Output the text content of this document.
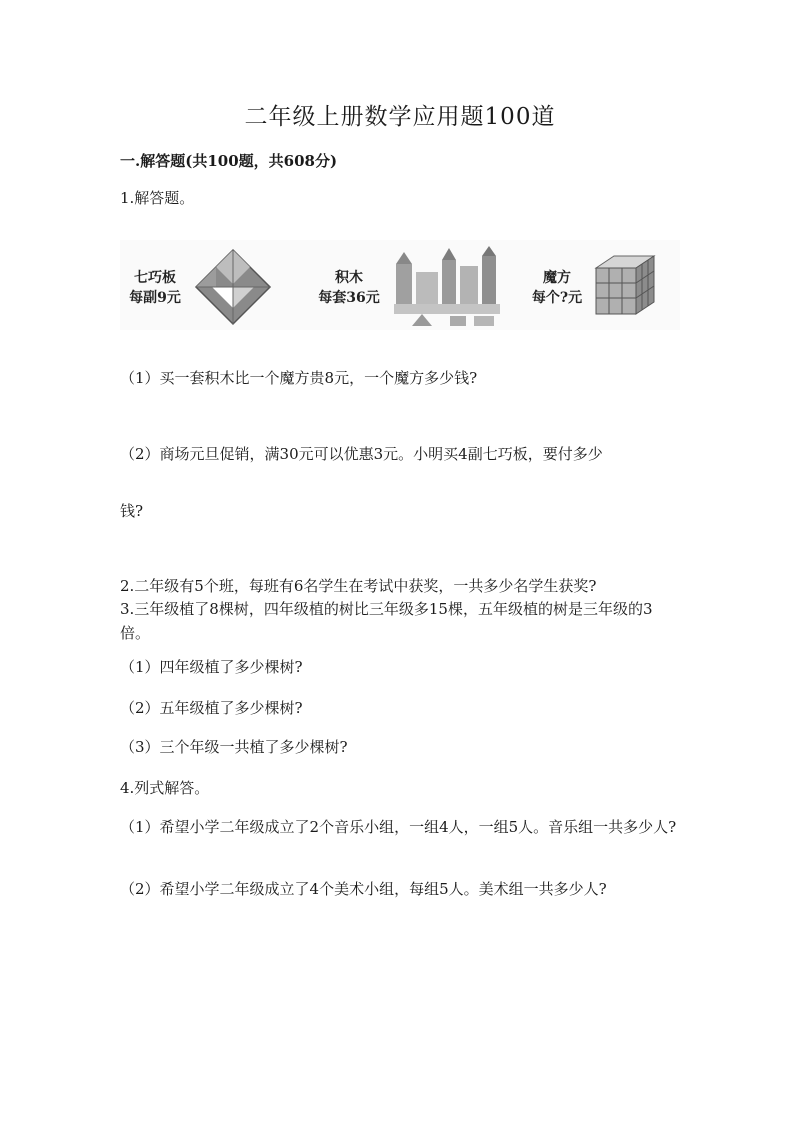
二年级上册数学应用题100道
一.解答题(共100题，共608分)
1.解答题。
七巧板
每副9元
积木
每套36元
魔方
每个?元
（1）买一套积木比一个魔方贵8元，一个魔方多少钱?
（2）商场元旦促销，满30元可以优惠3元。小明买4副七巧板，要付多少
钱?
2.二年级有5个班，每班有6名学生在考试中获奖，一共多少名学生获奖?
3.三年级植了8棵树，四年级植的树比三年级多15棵，五年级植的树是三年级的3倍。
（1）四年级植了多少棵树?
（2）五年级植了多少棵树?
（3）三个年级一共植了多少棵树?
4.列式解答。
（1）希望小学二年级成立了2个音乐小组，一组4人，一组5人。音乐组一共多少人?
（2）希望小学二年级成立了4个美术小组，每组5人。美术组一共多少人?
